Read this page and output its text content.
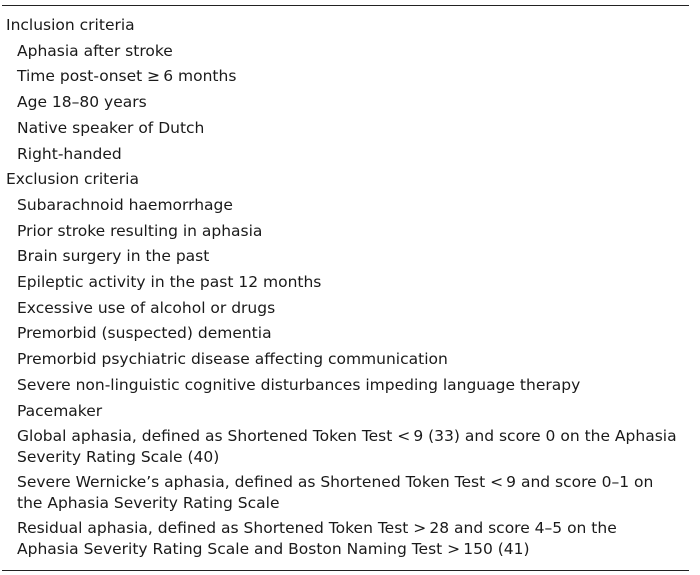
Inclusion criteria
Aphasia after stroke
Time post-onset ≥ 6 months
Age 18–80 years
Native speaker of Dutch
Right-handed
Exclusion criteria
Subarachnoid haemorrhage
Prior stroke resulting in aphasia
Brain surgery in the past
Epileptic activity in the past 12 months
Excessive use of alcohol or drugs
Premorbid (suspected) dementia
Premorbid psychiatric disease affecting communication
Severe non-linguistic cognitive disturbances impeding language therapy
Pacemaker
Global aphasia, defined as Shortened Token Test < 9 (33) and score 0 on the Aphasia Severity Rating Scale (40)
Severe Wernicke’s aphasia, defined as Shortened Token Test < 9 and score 0–1 on the Aphasia Severity Rating Scale
Residual aphasia, defined as Shortened Token Test > 28 and score 4–5 on the Aphasia Severity Rating Scale and Boston Naming Test > 150 (41)
